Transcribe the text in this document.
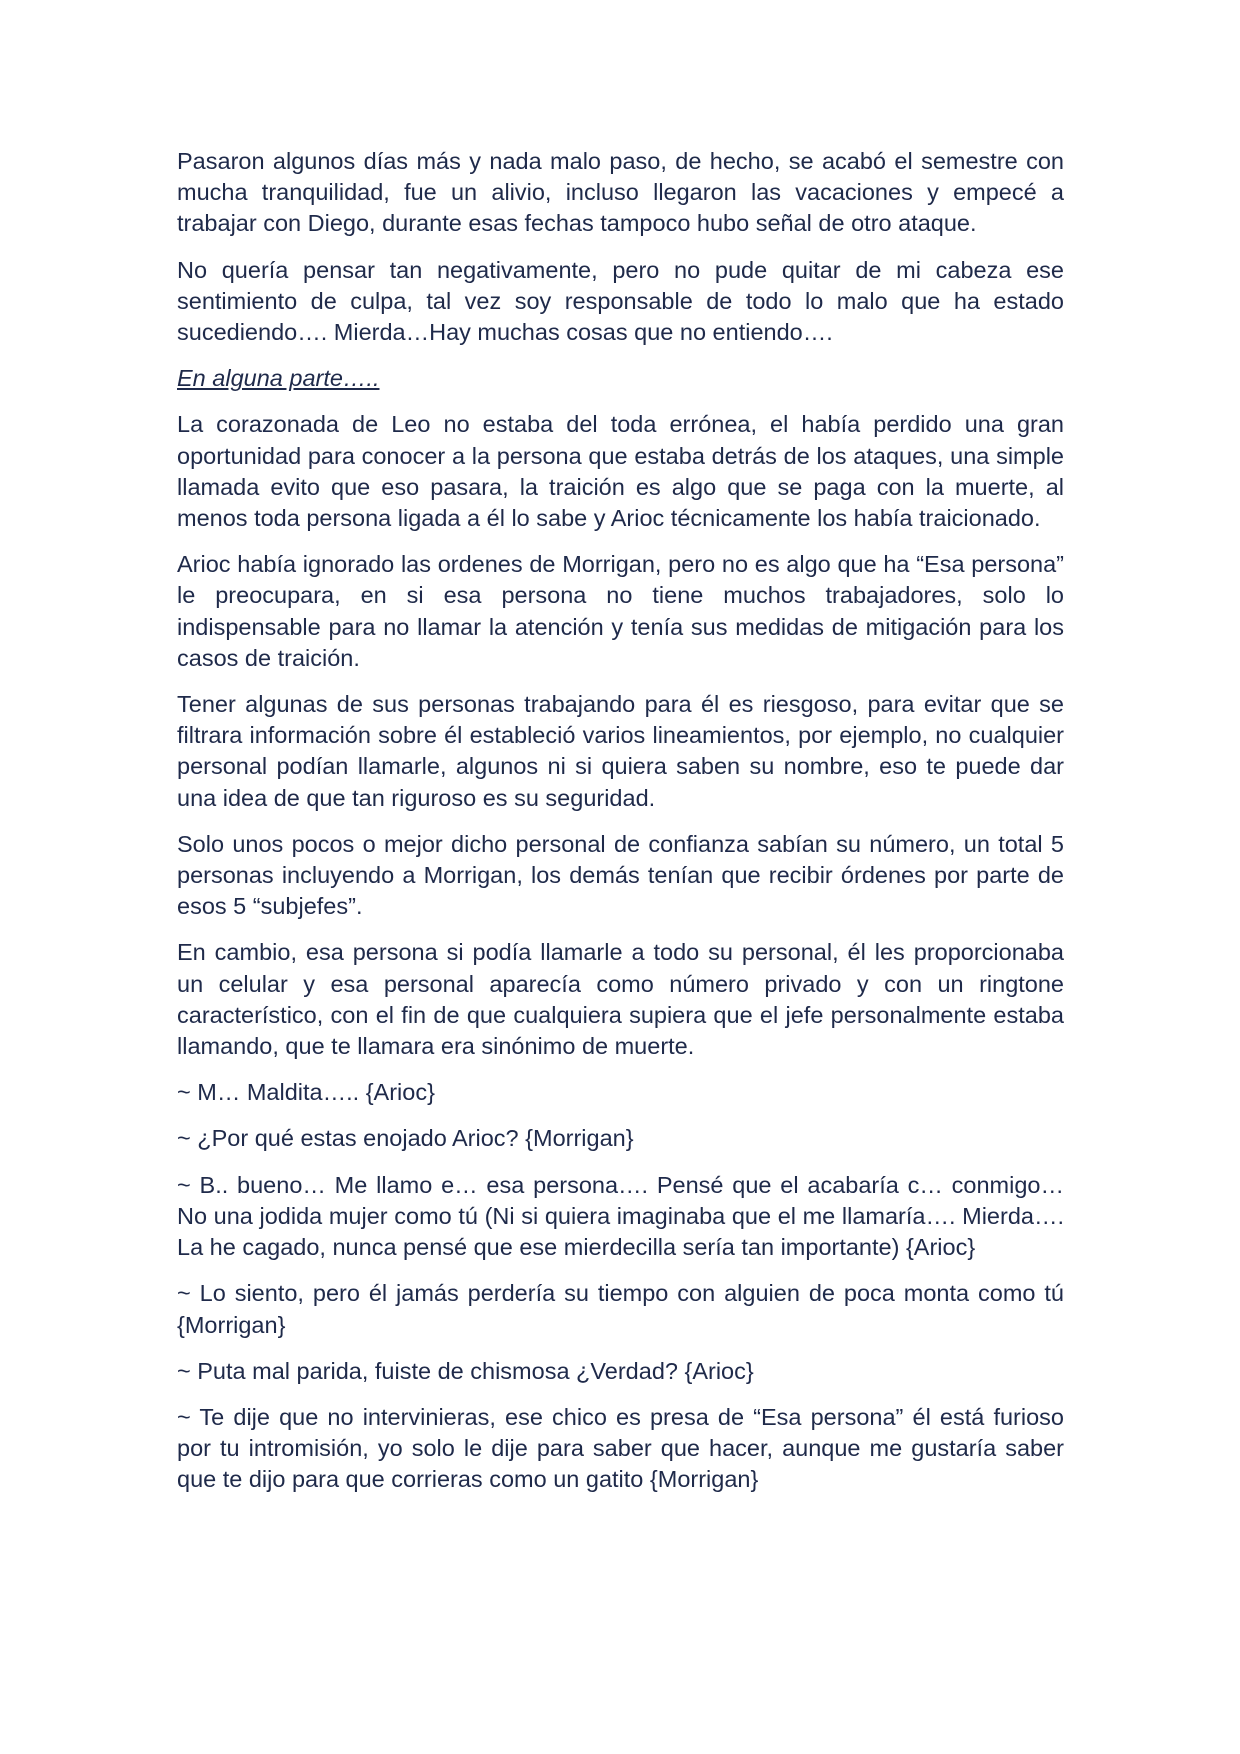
Pasaron algunos días más y nada malo paso, de hecho, se acabó el semestre con mucha tranquilidad, fue un alivio, incluso llegaron las vacaciones y empecé a trabajar con Diego, durante esas fechas tampoco hubo señal de otro ataque.

No quería pensar tan negativamente, pero no pude quitar de mi cabeza ese sentimiento de culpa, tal vez soy responsable de todo lo malo que ha estado sucediendo…. Mierda…Hay muchas cosas que no entiendo….

En alguna parte…..

La corazonada de Leo no estaba del toda errónea, el había perdido una gran oportunidad para conocer a la persona que estaba detrás de los ataques, una simple llamada evito que eso pasara, la traición es algo que se paga con la muerte, al menos toda persona ligada a él lo sabe y Arioc técnicamente los había traicionado.

Arioc había ignorado las ordenes de Morrigan, pero no es algo que ha “Esa persona” le preocupara, en si esa persona no tiene muchos trabajadores, solo lo indispensable para no llamar la atención y tenía sus medidas de mitigación para los casos de traición.

Tener algunas de sus personas trabajando para él es riesgoso, para evitar que se filtrara información sobre él estableció varios lineamientos, por ejemplo, no cualquier personal podían llamarle, algunos ni si quiera saben su nombre, eso te puede dar una idea de que tan riguroso es su seguridad.

Solo unos pocos o mejor dicho personal de confianza sabían su número, un total 5 personas incluyendo a Morrigan, los demás tenían que recibir órdenes por parte de esos 5 “subjefes”.

En cambio, esa persona si podía llamarle a todo su personal, él les proporcionaba un celular y esa personal aparecía como número privado y con un ringtone característico, con el fin de que cualquiera supiera que el jefe personalmente estaba llamando, que te llamara era sinónimo de muerte.

~ M… Maldita….. {Arioc}

~ ¿Por qué estas enojado Arioc? {Morrigan}

~ B.. bueno… Me llamo e… esa persona…. Pensé que el acabaría c… conmigo… No una jodida mujer como tú (Ni si quiera imaginaba que el me llamaría…. Mierda…. La he cagado, nunca pensé que ese mierdecilla sería tan importante) {Arioc}

~ Lo siento, pero él jamás perdería su tiempo con alguien de poca monta como tú {Morrigan}

~ Puta mal parida, fuiste de chismosa ¿Verdad? {Arioc}

~ Te dije que no intervinieras, ese chico es presa de “Esa persona” él está furioso por tu intromisión, yo solo le dije para saber que hacer, aunque me gustaría saber que te dijo para que corrieras como un gatito {Morrigan}
